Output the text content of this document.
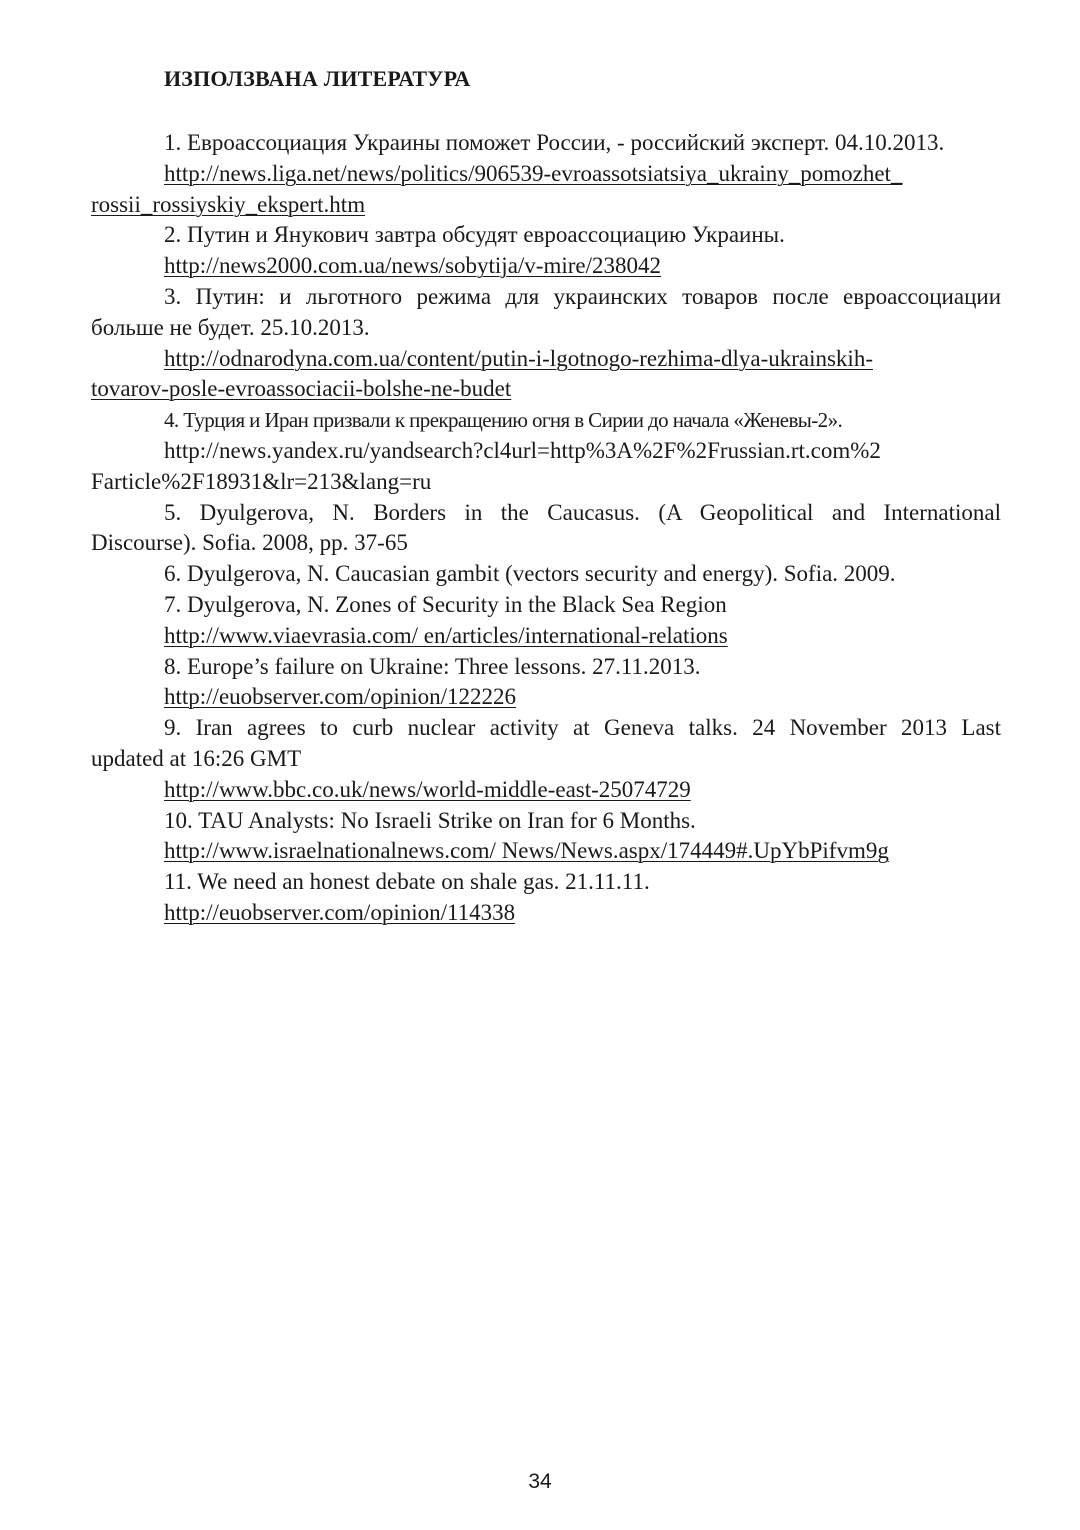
ИЗПОЛЗВАНА ЛИТЕРАТУРА
1. Евроассоциация Украины поможет России, - российский эксперт. 04.10.2013.
http://news.liga.net/news/politics/906539-evroassotsiatsiya_ukrainy_pomozhet_
rossii_rossiyskiy_ekspert.htm
2. Путин и Янукович завтра обсудят евроассоциацию Украины.
http://news2000.com.ua/news/sobytija/v-mire/238042
3. Путин: и льготного режима для украинских товаров после евроассоциации
больше не будет. 25.10.2013.
http://odnarodyna.com.ua/content/putin-i-lgotnogo-rezhima-dlya-ukrainskih-
tovarov-posle-evroassociacii-bolshe-ne-budet
4. Турция и Иран призвали к прекращению огня в Сирии до начала «Женевы-2».
http://news.yandex.ru/yandsearch?cl4url=http%3A%2F%2Frussian.rt.com%2
Farticle%2F18931&lr=213&lang=ru
5. Dyulgerova, N. Borders in the Caucasus. (A Geopolitical and International
Discourse). Sofia. 2008, pp. 37-65
6. Dyulgerova, N. Caucasian gambit (vectors security and energy). Sofia. 2009.
7. Dyulgerova, N. Zones of Security in the Black Sea Region
http://www.viaevrasia.com/ en/articles/international-relations
8. Europe’s failure on Ukraine: Three lessons. 27.11.2013.
http://euobserver.com/opinion/122226
9. Iran agrees to curb nuclear activity at Geneva talks. 24 November 2013 Last
updated at 16:26 GMT
http://www.bbc.co.uk/news/world-middle-east-25074729
10. TAU Analysts: No Israeli Strike on Iran for 6 Months.
http://www.israelnationalnews.com/ News/News.aspx/174449#.UpYbPifvm9g
11. We need an honest debate on shale gas. 21.11.11.
http://euobserver.com/opinion/114338
34
